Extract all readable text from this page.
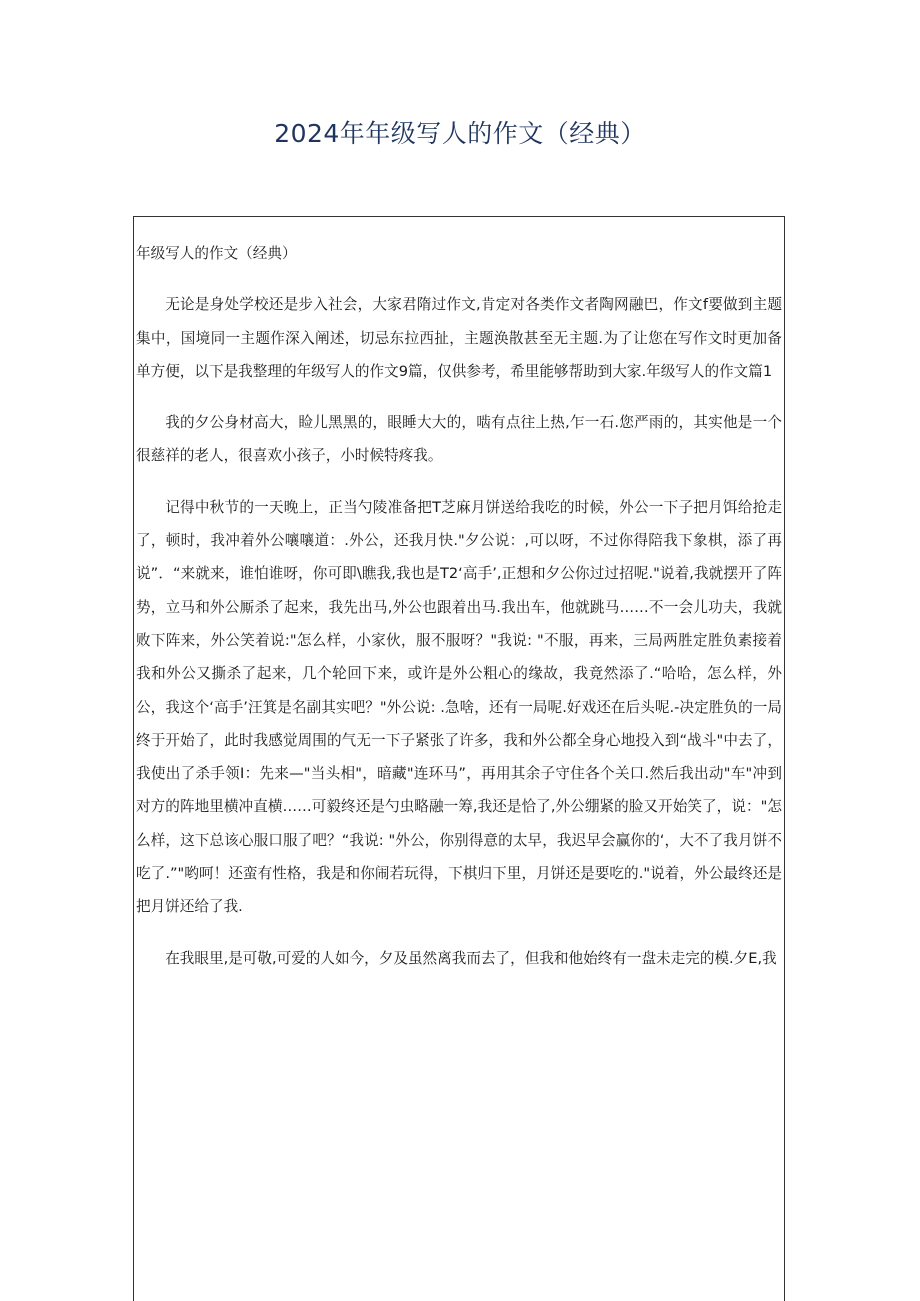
2024年年级写人的作文（经典）

年级写人的作文（经典）

无论是身处学校还是步入社会，大家君隋过作文,肯定对各类作文者陶网融巴，作文f要做到主题集中，国境同一主题作深入阐述，切忌东拉西扯，主题涣散甚至无主题.为了让您在写作文时更加备单方便，以下是我整理的年级写人的作文9篇，仅供参考，希里能够帮助到大家.年级写人的作文篇1

我的夕公身材高大，睑儿黑黑的，眼睡大大的，啮有点往上热,乍一石.您严雨的，其实他是一个很慈祥的老人，很喜欢小孩子，小时候特疼我。

记得中秋节的一天晚上，正当勺陵准备把T芝麻月饼送给我吃的时候，外公一下子把月饵给抢走了，顿时，我冲着外公嚷嚷道：.外公，还我月快."夕公说：,可以呀，不过你得陪我下象棋，添了再说”．“来就来，谁怕谁呀，你可即\瞧我,我也是T2‘高手’,正想和夕公你过过招呢."说着,我就摆开了阵势，立马和外公厮杀了起来，我先出马,外公也跟着出马.我出车，他就跳马……不一会儿功夫，我就败下阵来，外公笑着说:"怎么样，小家伙，服不服呀？"我说: "不服，再来，三局两胜定胜负素接着我和外公又撕杀了起来，几个轮回下来，或许是外公粗心的缘故，我竟然添了.“哈哈，怎么样，外公，我这个‘高手’汪箕是名副其实吧？"外公说: .急啥，还有一局呢.好戏还在后头呢.-决定胜负的一局终于开始了，此时我感觉周围的气无一下子紧张了许多，我和外公都全身心地投入到“战斗"中去了，我使出了杀手领I：先来—"当头相"，暗藏"连环马”，再用其余子守住各个关口.然后我出动"车"冲到对方的阵地里横冲直横……可毅终还是勺虫略融一筹,我还是恰了,外公绷紧的脸又开始笑了，说："怎么样，这下总该心服口服了吧？“我说: "外公，你别得意的太早，我迟早会赢你的‘，大不了我月饼不吃了.”"哟呵！还蛮有性格，我是和你闹若玩得，下棋归下里，月饼还是要吃的."说着，外公最终还是把月饼还给了我.

在我眼里,是可敬,可爱的人如今，夕及虽然离我而去了，但我和他始终有一盘未走完的模.夕E,我
